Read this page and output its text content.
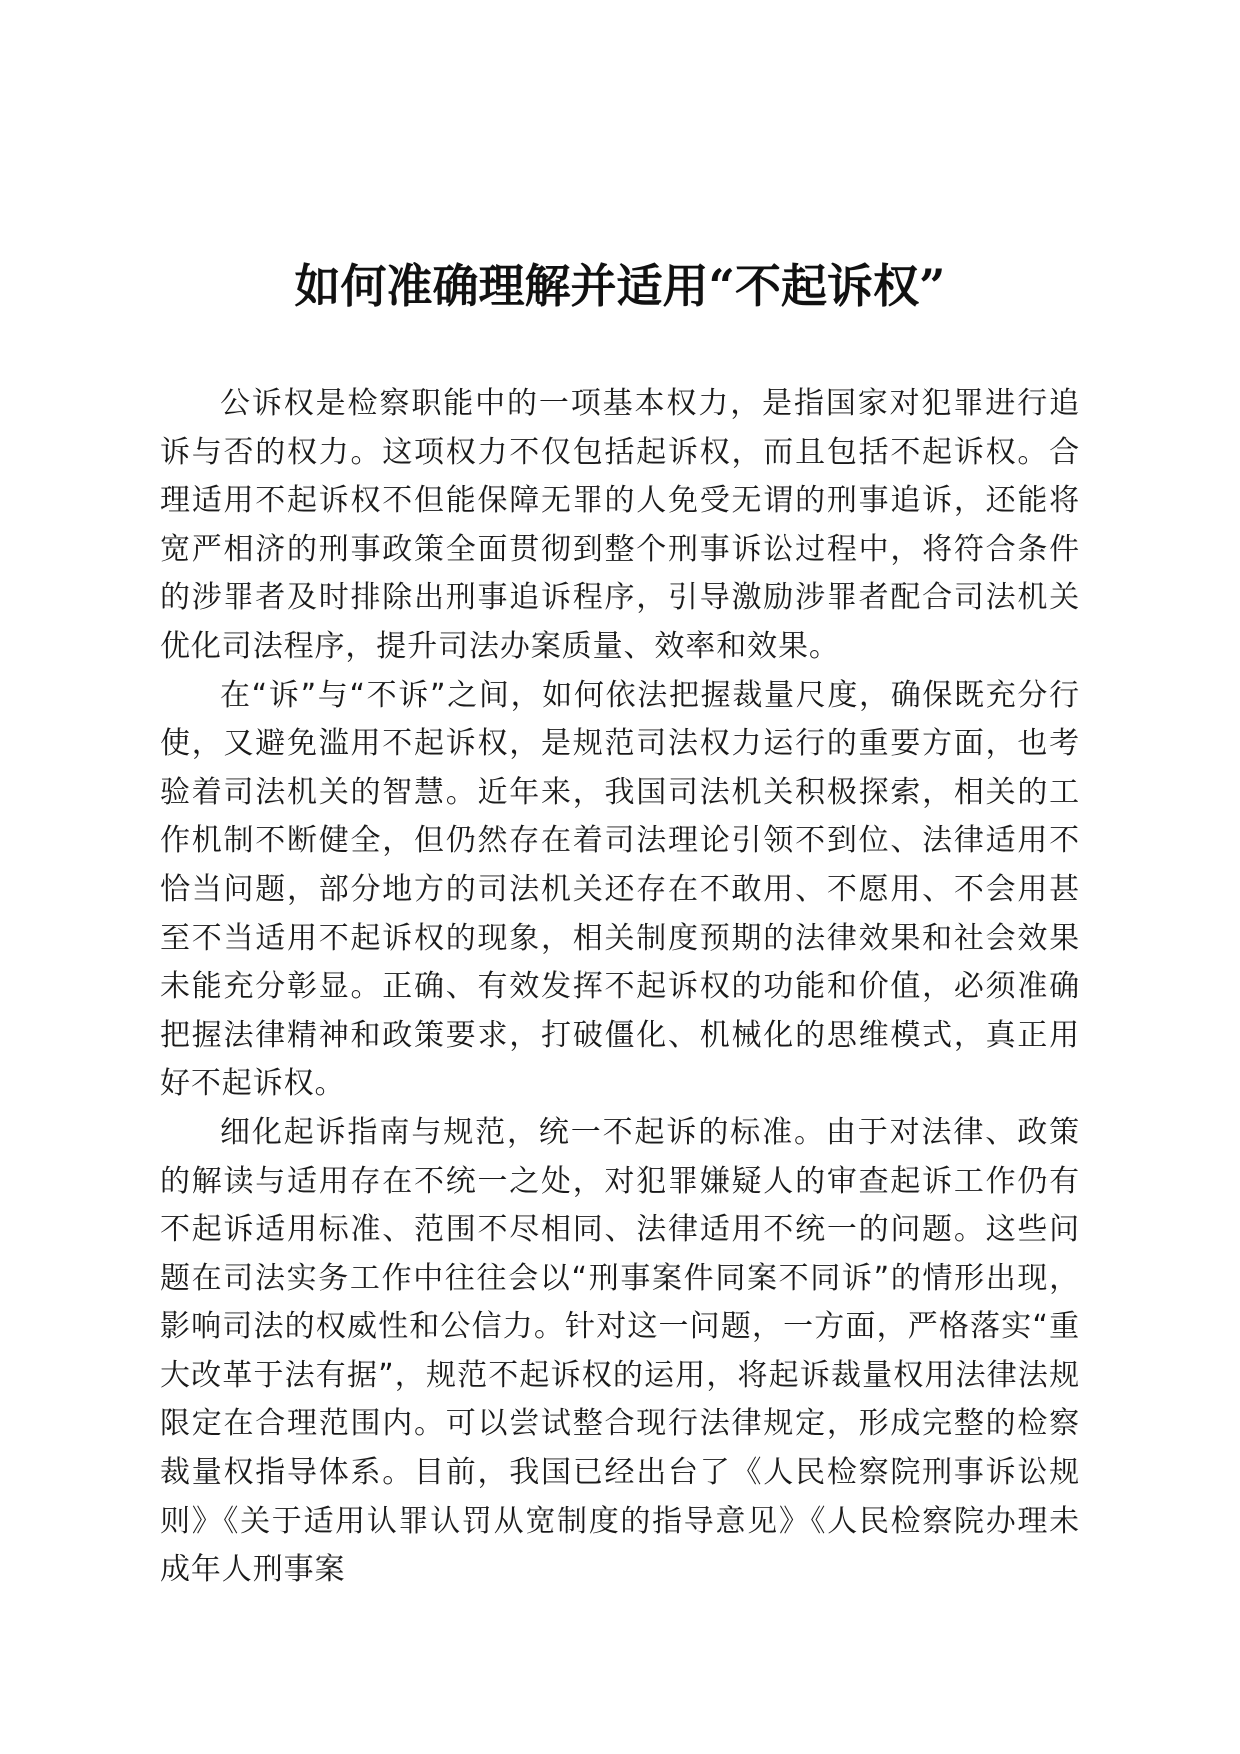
如何准确理解并适用“不起诉权”

公诉权是检察职能中的一项基本权力，是指国家对犯罪进行追诉与否的权力。这项权力不仅包括起诉权，而且包括不起诉权。合理适用不起诉权不但能保障无罪的人免受无谓的刑事追诉，还能将宽严相济的刑事政策全面贯彻到整个刑事诉讼过程中，将符合条件的涉罪者及时排除出刑事追诉程序，引导激励涉罪者配合司法机关优化司法程序，提升司法办案质量、效率和效果。

在“诉”与“不诉”之间，如何依法把握裁量尺度，确保既充分行使，又避免滥用不起诉权，是规范司法权力运行的重要方面，也考验着司法机关的智慧。近年来，我国司法机关积极探索，相关的工作机制不断健全，但仍然存在着司法理论引领不到位、法律适用不恰当问题，部分地方的司法机关还存在不敢用、不愿用、不会用甚至不当适用不起诉权的现象，相关制度预期的法律效果和社会效果未能充分彰显。正确、有效发挥不起诉权的功能和价值，必须准确把握法律精神和政策要求，打破僵化、机械化的思维模式，真正用好不起诉权。

细化起诉指南与规范，统一不起诉的标准。由于对法律、政策的解读与适用存在不统一之处，对犯罪嫌疑人的审查起诉工作仍有不起诉适用标准、范围不尽相同、法律适用不统一的问题。这些问题在司法实务工作中往往会以“刑事案件同案不同诉”的情形出现，影响司法的权威性和公信力。针对这一问题，一方面，严格落实“重大改革于法有据”，规范不起诉权的运用，将起诉裁量权用法律法规限定在合理范围内。可以尝试整合现行法律规定，形成完整的检察裁量权指导体系。目前，我国已经出台了《人民检察院刑事诉讼规则》《关于适用认罪认罚从宽制度的指导意见》《人民检察院办理未成年人刑事案
